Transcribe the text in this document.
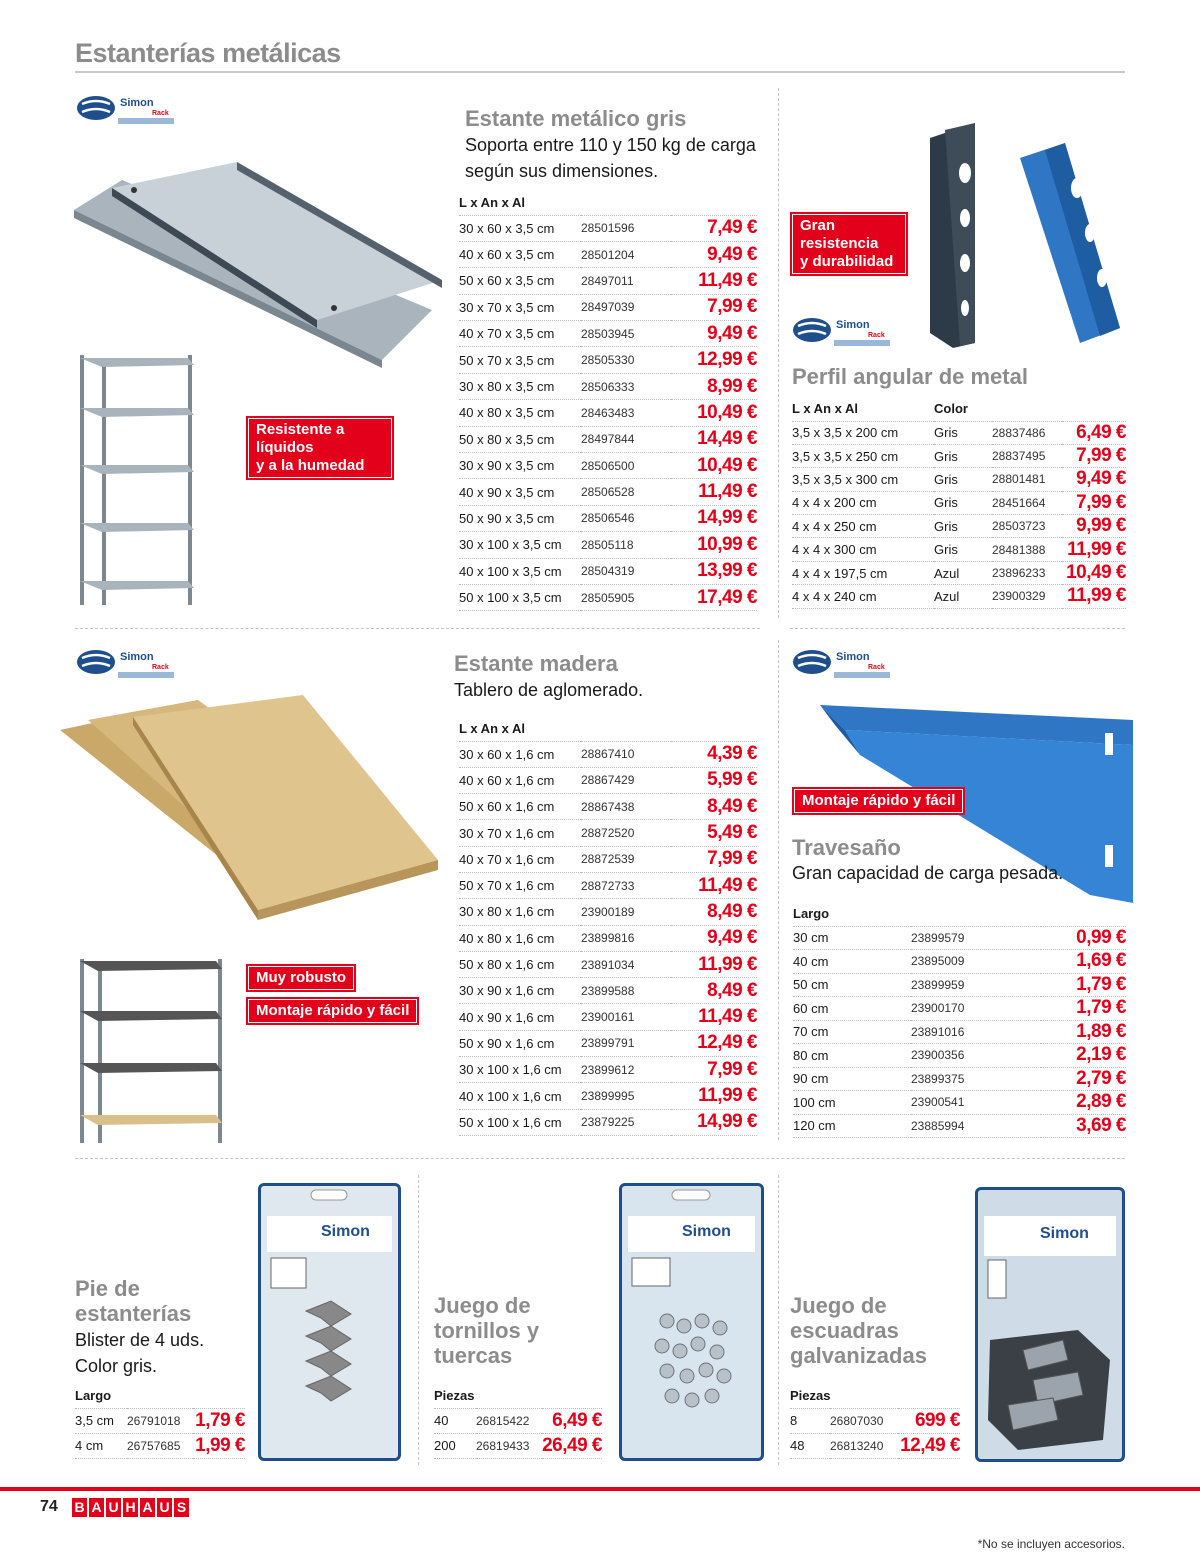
Estanterías metálicas
Simon
Rack
Resistente a líquidos
y a la humedad
Estante metálico gris
Soporta entre 110 y 150 kg de carga
según sus dimensiones.
L x An x Al		
30 x 60 x 3,5 cm	28501596	7,49 €
40 x 60 x 3,5 cm	28501204	9,49 €
50 x 60 x 3,5 cm	28497011	11,49 €
30 x 70 x 3,5 cm	28497039	7,99 €
40 x 70 x 3,5 cm	28503945	9,49 €
50 x 70 x 3,5 cm	28505330	12,99 €
30 x 80 x 3,5 cm	28506333	8,99 €
40 x 80 x 3,5 cm	28463483	10,49 €
50 x 80 x 3,5 cm	28497844	14,49 €
30 x 90 x 3,5 cm	28506500	10,49 €
40 x 90 x 3,5 cm	28506528	11,49 €
50 x 90 x 3,5 cm	28506546	14,99 €
30 x 100 x 3,5 cm	28505118	10,99 €
40 x 100 x 3,5 cm	28504319	13,99 €
50 x 100 x 3,5 cm	28505905	17,49 €
Gran resistencia
y durabilidad
Simon
Rack
Perfil angular de metal
L x An x Al	Color		
3,5 x 3,5 x 200 cm	Gris	28837486	6,49 €
3,5 x 3,5 x 250 cm	Gris	28837495	7,99 €
3,5 x 3,5 x 300 cm	Gris	28801481	9,49 €
4 x 4 x 200 cm	Gris	28451664	7,99 €
4 x 4 x 250 cm	Gris	28503723	9,99 €
4 x 4 x 300 cm	Gris	28481388	11,99 €
4 x 4 x 197,5 cm	Azul	23896233	10,49 €
4 x 4 x 240 cm	Azul	23900329	11,99 €
Simon
Rack
Muy robusto
Montaje rápido y fácil
Estante madera
Tablero de aglomerado.
L x An x Al		
30 x 60 x 1,6 cm	28867410	4,39 €
40 x 60 x 1,6 cm	28867429	5,99 €
50 x 60 x 1,6 cm	28867438	8,49 €
30 x 70 x 1,6 cm	28872520	5,49 €
40 x 70 x 1,6 cm	28872539	7,99 €
50 x 70 x 1,6 cm	28872733	11,49 €
30 x 80 x 1,6 cm	23900189	8,49 €
40 x 80 x 1,6 cm	23899816	9,49 €
50 x 80 x 1,6 cm	23891034	11,99 €
30 x 90 x 1,6 cm	23899588	8,49 €
40 x 90 x 1,6 cm	23900161	11,49 €
50 x 90 x 1,6 cm	23899791	12,49 €
30 x 100 x 1,6 cm	23899612	7,99 €
40 x 100 x 1,6 cm	23899995	11,99 €
50 x 100 x 1,6 cm	23879225	14,99 €
Simon
Rack
Montaje rápido y fácil
Travesaño
Gran capacidad de carga pesada.
Largo		
30 cm	23899579	0,99 €
40 cm	23895009	1,69 €
50 cm	23899959	1,79 €
60 cm	23900170	1,79 €
70 cm	23891016	1,89 €
80 cm	23900356	2,19 €
90 cm	23899375	2,79 €
100 cm	23900541	2,89 €
120 cm	23885994	3,69 €
Pie de
estanterías
Blister de 4 uds.
Color gris.
Largo		
3,5 cm	26791018	1,79 €
4 cm	26757685	1,99 €
Simon
Juego de
tornillos y
tuercas
Piezas		
40	26815422	6,49 €
200	26819433	26,49 €
Simon
Juego de
escuadras
galvanizadas
Piezas		
8	26807030	699 €
48	26813240	12,49 €
Simon
74 B A U H A U S
*No se incluyen accesorios.
